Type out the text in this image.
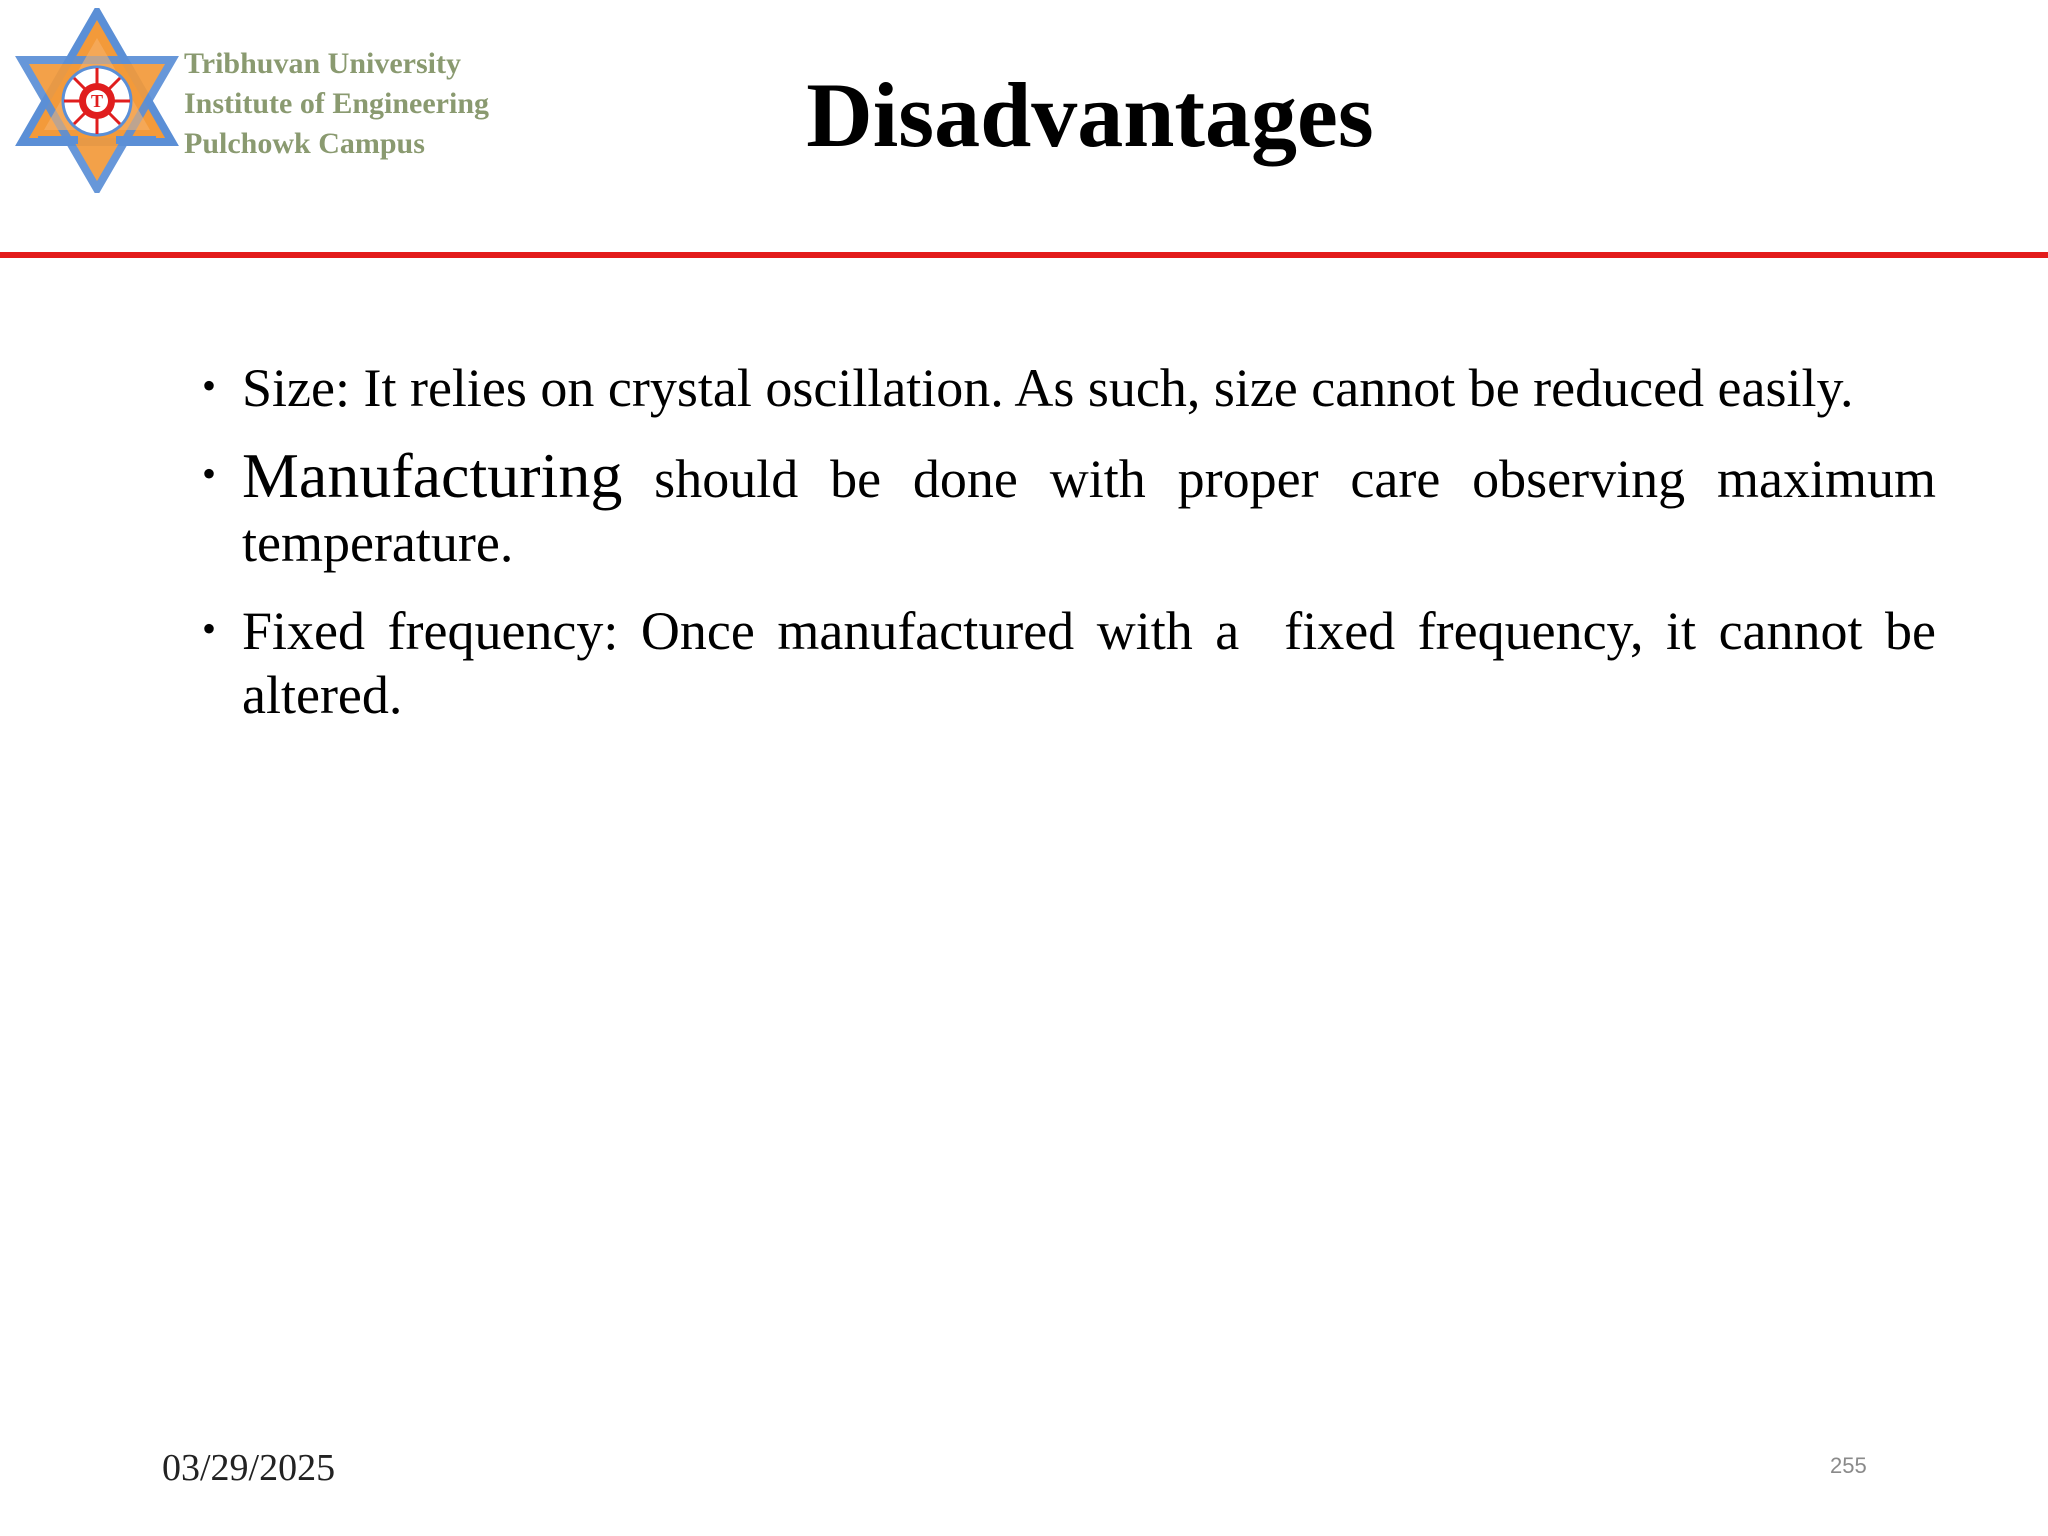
T
Tribhuvan University
Institute of Engineering
Pulchowk Campus	Disadvantages
• Size: It relies on crystal oscillation. As such, size cannot be reduced easily.
• Manufacturing should be done with proper care observing maximum temperature.
• Fixed frequency: Once manufactured with a  fixed frequency, it cannot be altered.
03/29/2025	255
